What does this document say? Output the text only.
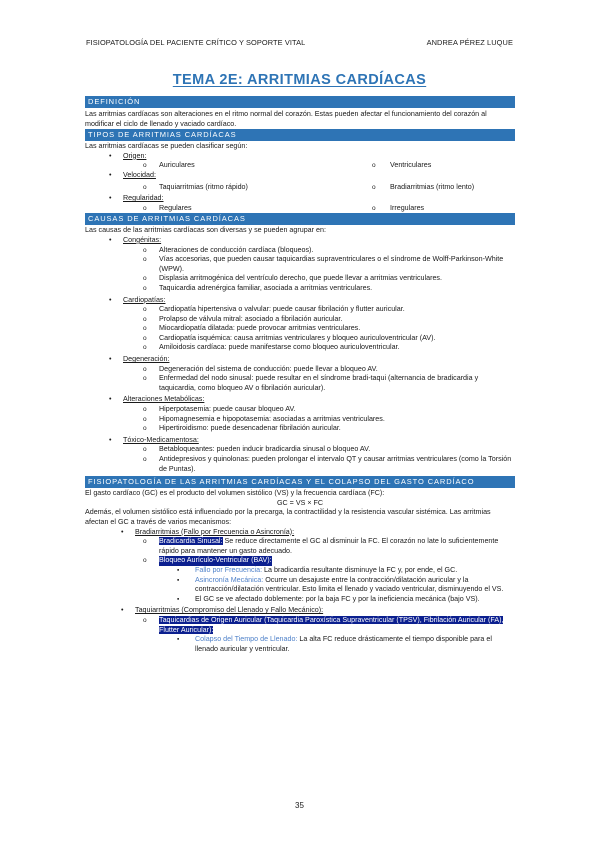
FISIOPATOLOGÍA DEL PACIENTE CRÍTICO Y SOPORTE VITAL	ANDREA PÉREZ LUQUE
TEMA 2E: ARRITMIAS CARDÍACAS
DEFINICIÓN

Las arritmias cardíacas son alteraciones en el ritmo normal del corazón. Estas pueden afectar el funcionamiento del corazón al modificar el ciclo de llenado y vaciado cardíaco.

TIPOS DE ARRITMIAS CARDÍACAS

Las arritmias cardíacas se pueden clasificar según:

• Origen:
o Auriculares	o Ventriculares
• Velocidad:
o Taquiarritmias (ritmo rápido)	o Bradiarritmias (ritmo lento)
• Regularidad:
o Regulares	o Irregulares
CAUSAS DE ARRITMIAS CARDÍACAS

Las causas de las arritmias cardíacas son diversas y se pueden agrupar en:

• Congénitas:
o Alteraciones de conducción cardíaca (bloqueos).
o Vías accesorias, que pueden causar taquicardias supraventriculares o el síndrome de Wolff-Parkinson-White (WPW).
o Displasia arritmogénica del ventrículo derecho, que puede llevar a arritmias ventriculares.
o Taquicardia adrenérgica familiar, asociada a arritmias ventriculares.
• Cardiopatías:
o Cardiopatía hipertensiva o valvular: puede causar fibrilación y flutter auricular.
o Prolapso de válvula mitral: asociado a fibrilación auricular.
o Miocardiopatía dilatada: puede provocar arritmias ventriculares.
o Cardiopatía isquémica: causa arritmias ventriculares y bloqueo auriculoventricular (AV).
o Amiloidosis cardíaca: puede manifestarse como bloqueo auriculoventricular.
• Degeneración:
o Degeneración del sistema de conducción: puede llevar a bloqueo AV.
o Enfermedad del nodo sinusal: puede resultar en el síndrome bradi-taqui (alternancia de bradicardia y taquicardia, como bloqueo AV o fibrilación auricular).
• Alteraciones Metabólicas:
o Hiperpotasemia: puede causar bloqueo AV.
o Hipomagnesemia e hipopotasemia: asociadas a arritmias ventriculares.
o Hipertiroidismo: puede desencadenar fibrilación auricular.
• Tóxico-Medicamentosa:
o Betabloqueantes: pueden inducir bradicardia sinusal o bloqueo AV.
o Antidepresivos y quinolonas: pueden prolongar el intervalo QT y causar arritmias ventriculares (como la Torsión de Puntas).
FISIOPATOLOGÍA DE LAS ARRITMIAS CARDÍACAS Y EL COLAPSO DEL GASTO CARDÍACO

El gasto cardíaco (GC) es el producto del volumen sistólico (VS) y la frecuencia cardíaca (FC):

GC = VS × FC

Además, el volumen sistólico está influenciado por la precarga, la contractilidad y la resistencia vascular sistémica. Las arritmias afectan el GC a través de varios mecanismos:

• Bradiarritmias (Fallo por Frecuencia o Asincronía):
o Bradicardia Sinusal: Se reduce directamente el GC al disminuir la FC. El corazón no late lo suficientemente rápido para mantener un gasto adecuado.
o Bloqueo Aurículo-Ventricular (BAV):
▪ Fallo por Frecuencia: La bradicardia resultante disminuye la FC y, por ende, el GC.
▪ Asincronía Mecánica: Ocurre un desajuste entre la contracción/dilatación auricular y la contracción/dilatación ventricular. Esto limita el llenado y vaciado ventricular, disminuyendo el VS.
▪ El GC se ve afectado doblemente: por la baja FC y por la ineficiencia mecánica (bajo VS).
• Taquiarritmias (Compromiso del Llenado y Fallo Mecánico):
o Taquicardias de Origen Auricular (Taquicardia Paroxística Supraventricular (TPSV), Fibrilación Auricular (FA), Flutter Auricular):
▪ Colapso del Tiempo de Llenado: La alta FC reduce drásticamente el tiempo disponible para el llenado auricular y ventricular.
35
